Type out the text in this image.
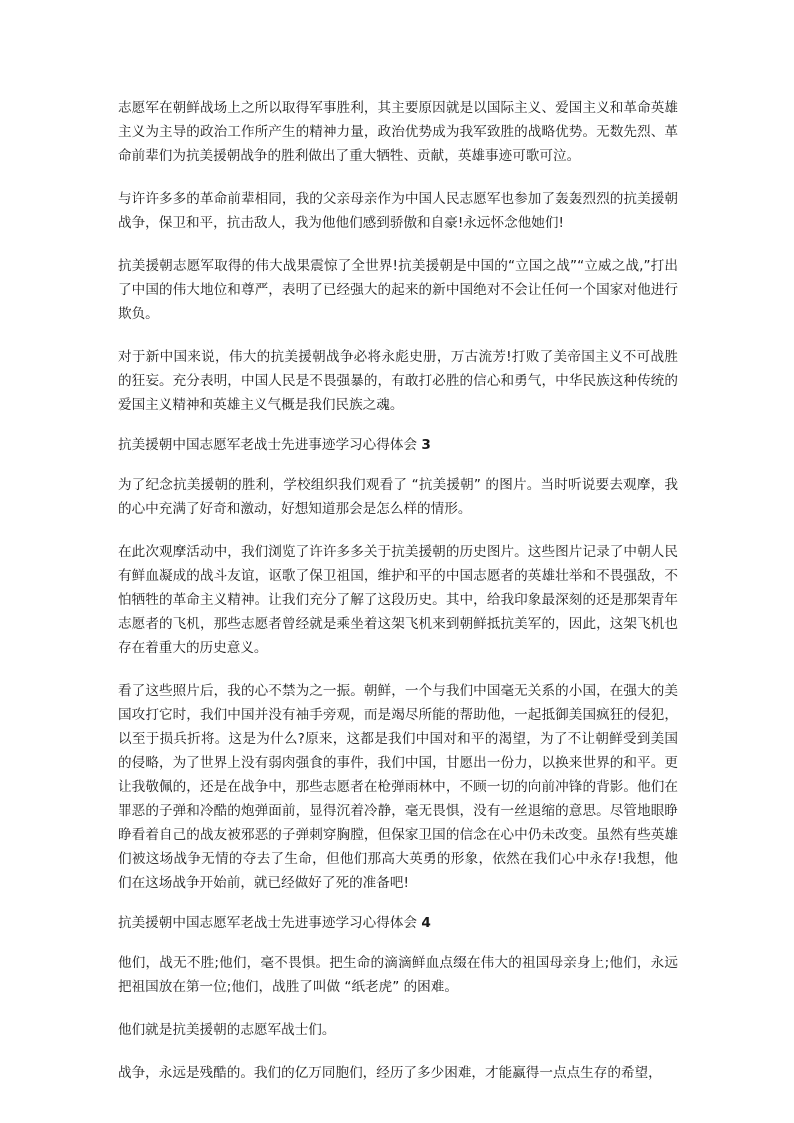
志愿军在朝鲜战场上之所以取得军事胜利，其主要原因就是以国际主义、爱国主义和革命英雄主义为主导的政治工作所产生的精神力量，政治优势成为我军致胜的战略优势。无数先烈、革命前辈们为抗美援朝战争的胜利做出了重大牺牲、贡献，英雄事迹可歌可泣。

与许许多多的革命前辈相同，我的父亲母亲作为中国人民志愿军也参加了轰轰烈烈的抗美援朝战争，保卫和平，抗击敌人，我为他他们感到骄傲和自豪!永远怀念他她们!

抗美援朝志愿军取得的伟大战果震惊了全世界!抗美援朝是中国的“立国之战”“立威之战,”打出了中国的伟大地位和尊严，表明了已经强大的起来的新中国绝对不会让任何一个国家对他进行欺负。

对于新中国来说，伟大的抗美援朝战争必将永彪史册，万古流芳!打败了美帝国主义不可战胜的狂妄。充分表明，中国人民是不畏强暴的，有敢打必胜的信心和勇气，中华民族这种传统的爱国主义精神和英雄主义气概是我们民族之魂。

抗美援朝中国志愿军老战士先进事迹学习心得体会 3

为了纪念抗美援朝的胜利，学校组织我们观看了 “抗美援朝” 的图片。当时听说要去观摩，我的心中充满了好奇和激动，好想知道那会是怎么样的情形。

在此次观摩活动中，我们浏览了许许多多关于抗美援朝的历史图片。这些图片记录了中朝人民有鲜血凝成的战斗友谊，讴歌了保卫祖国，维护和平的中国志愿者的英雄壮举和不畏强敌，不怕牺牲的革命主义精神。让我们充分了解了这段历史。其中，给我印象最深刻的还是那架青年志愿者的飞机，那些志愿者曾经就是乘坐着这架飞机来到朝鲜抵抗美军的，因此，这架飞机也存在着重大的历史意义。

看了这些照片后，我的心不禁为之一振。朝鲜，一个与我们中国毫无关系的小国，在强大的美国攻打它时，我们中国并没有袖手旁观，而是竭尽所能的帮助他，一起抵御美国疯狂的侵犯，以至于损兵折将。这是为什么?原来，这都是我们中国对和平的渴望，为了不让朝鲜受到美国的侵略，为了世界上没有弱肉强食的事件，我们中国，甘愿出一份力，以换来世界的和平。更让我敬佩的，还是在战争中，那些志愿者在枪弹雨林中，不顾一切的向前冲锋的背影。他们在罪恶的子弹和冷酷的炮弹面前，显得沉着冷静，毫无畏惧，没有一丝退缩的意思。尽管地眼睁睁看着自己的战友被邪恶的子弹刺穿胸膛，但保家卫国的信念在心中仍未改变。虽然有些英雄们被这场战争无情的夺去了生命，但他们那高大英勇的形象，依然在我们心中永存!我想，他们在这场战争开始前，就已经做好了死的准备吧!

抗美援朝中国志愿军老战士先进事迹学习心得体会 4

他们，战无不胜;他们，毫不畏惧。把生命的滴滴鲜血点缀在伟大的祖国母亲身上;他们，永远把祖国放在第一位;他们，战胜了叫做 “纸老虎” 的困难。

他们就是抗美援朝的志愿军战士们。

战争，永远是残酷的。我们的亿万同胞们，经历了多少困难，才能赢得一点点生存的希望，
